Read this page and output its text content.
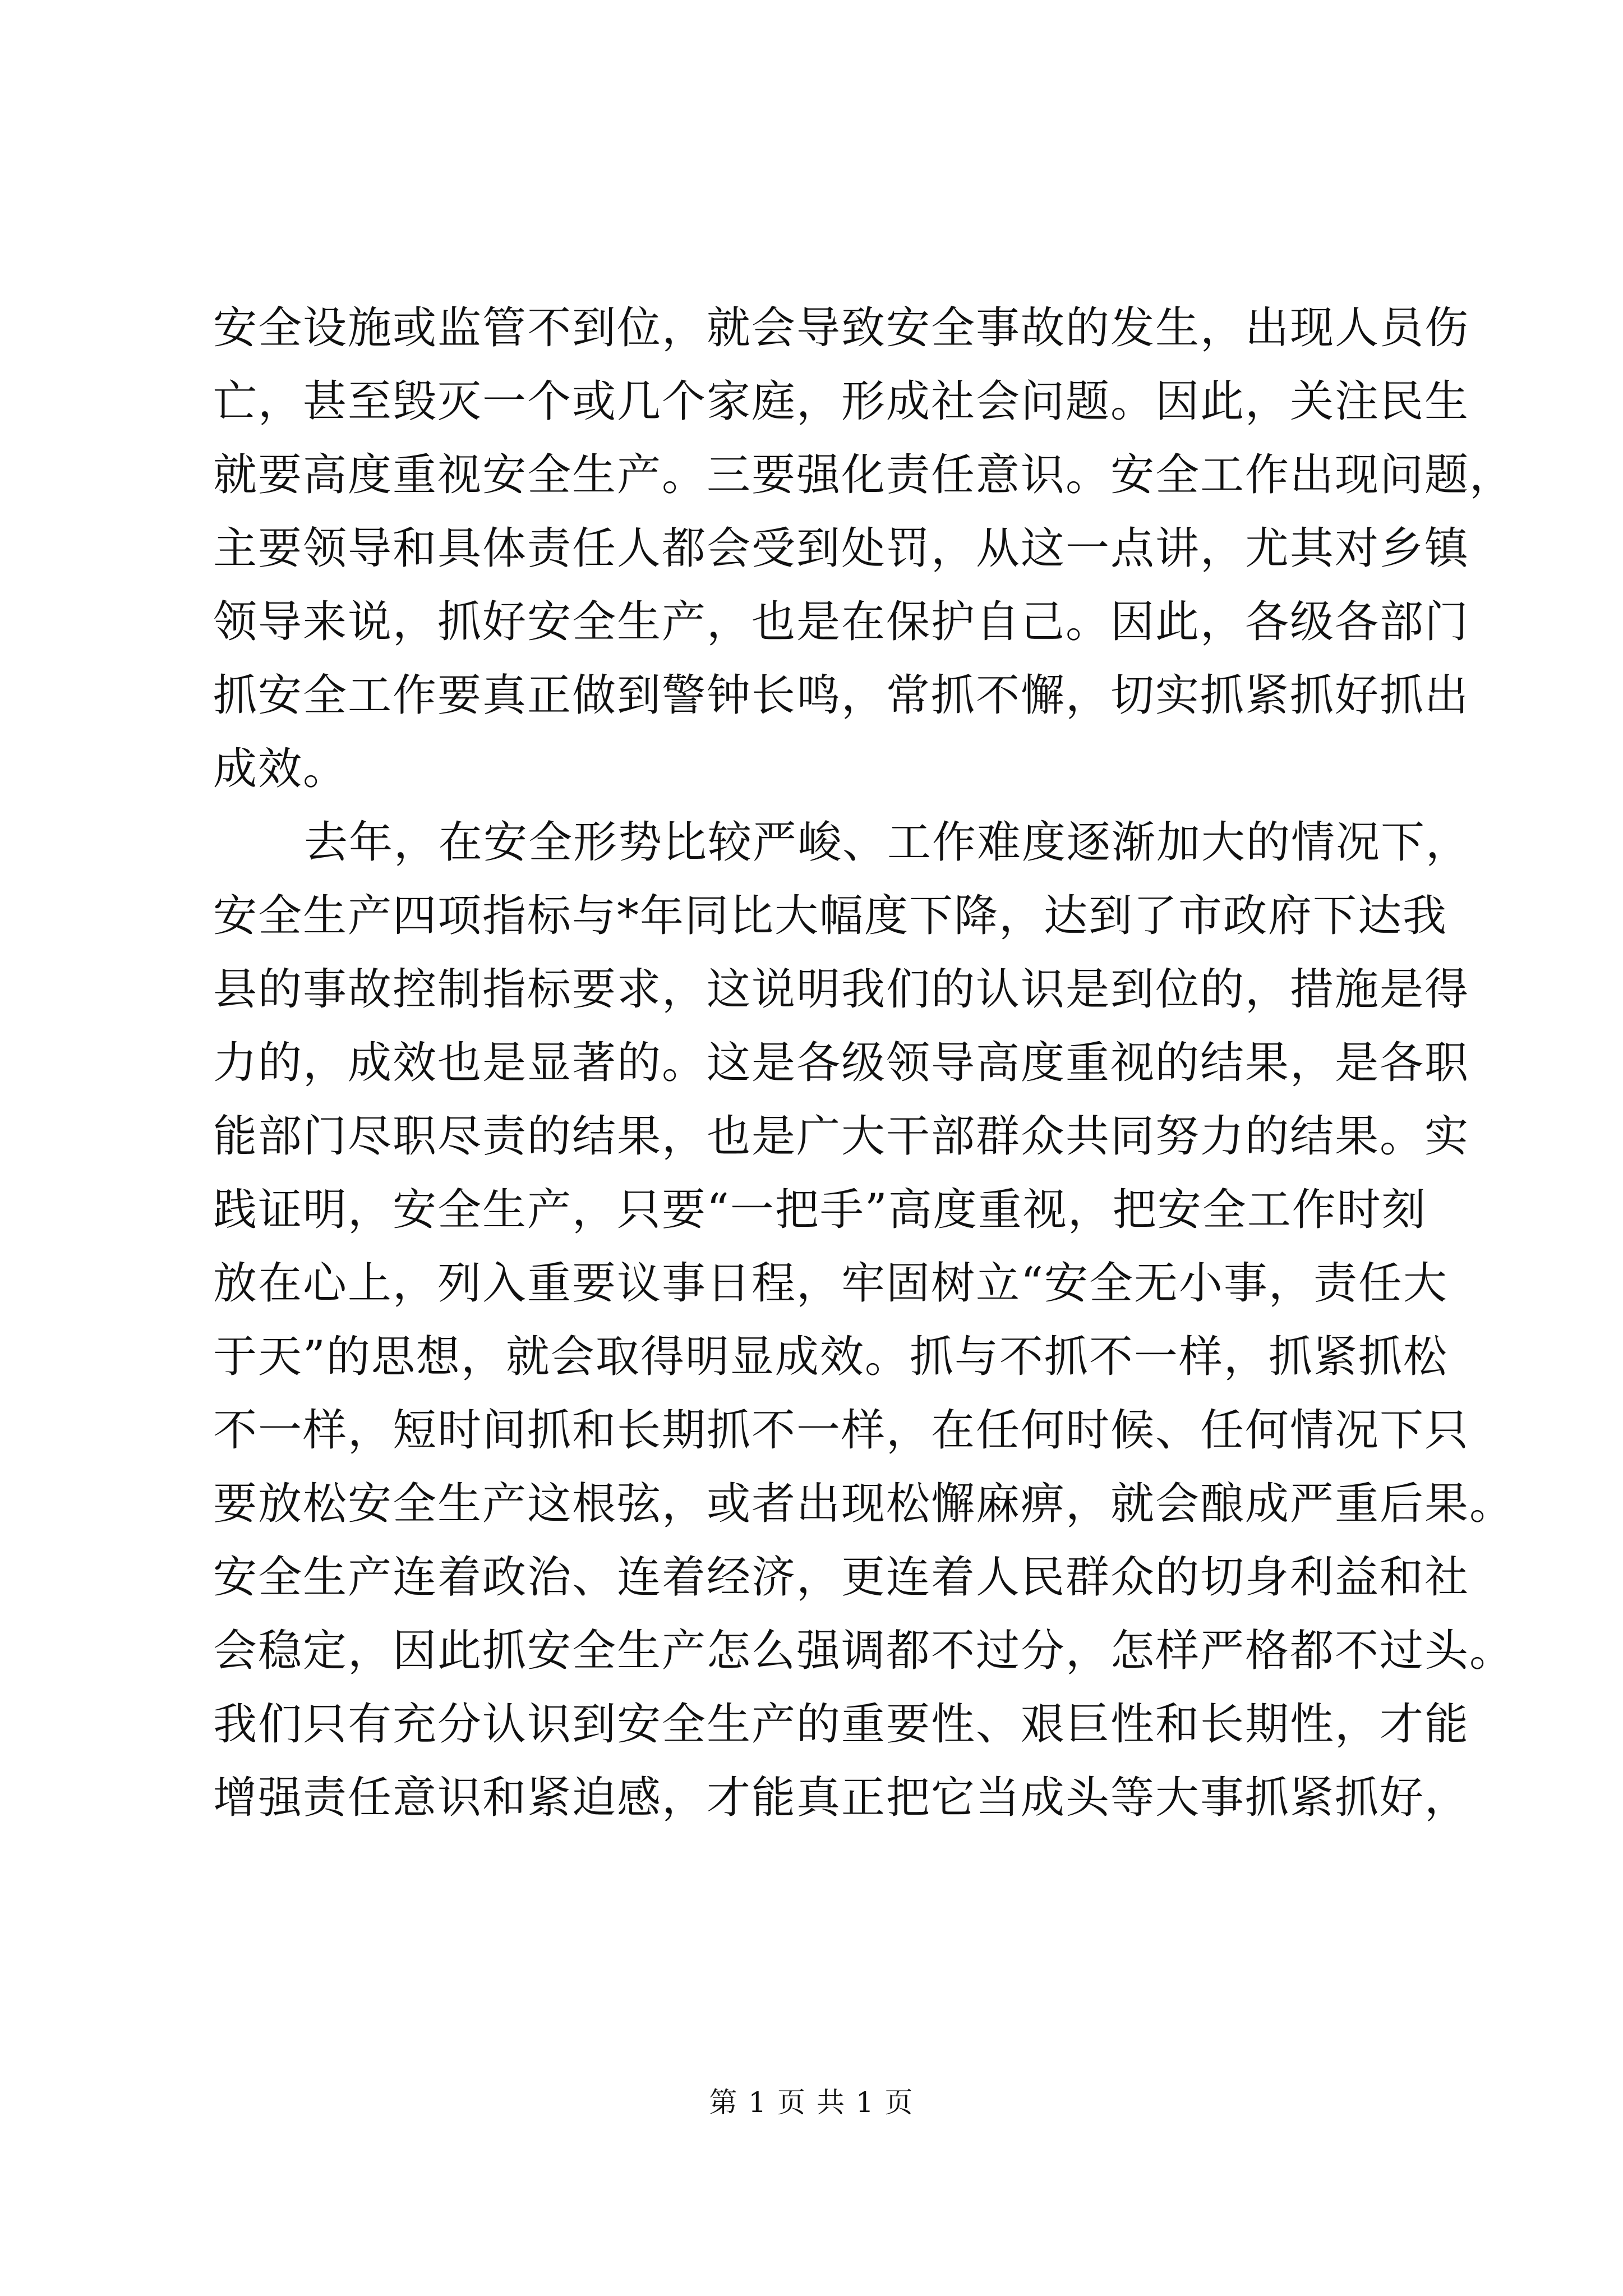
安全设施或监管不到位，就会导致安全事故的发生，出现人员伤
亡，甚至毁灭一个或几个家庭，形成社会问题。因此，关注民生
就要高度重视安全生产。三要强化责任意识。安全工作出现问题，
主要领导和具体责任人都会受到处罚，从这一点讲，尤其对乡镇
领导来说，抓好安全生产，也是在保护自己。因此，各级各部门
抓安全工作要真正做到警钟长鸣，常抓不懈，切实抓紧抓好抓出
成效。
去年，在安全形势比较严峻、工作难度逐渐加大的情况下，
安全生产四项指标与*年同比大幅度下降，达到了市政府下达我
县的事故控制指标要求，这说明我们的认识是到位的，措施是得
力的，成效也是显著的。这是各级领导高度重视的结果，是各职
能部门尽职尽责的结果，也是广大干部群众共同努力的结果。实
践证明，安全生产，只要“一把手”高度重视，把安全工作时刻
放在心上，列入重要议事日程，牢固树立“安全无小事，责任大
于天”的思想，就会取得明显成效。抓与不抓不一样，抓紧抓松
不一样，短时间抓和长期抓不一样，在任何时候、任何情况下只
要放松安全生产这根弦，或者出现松懈麻痹，就会酿成严重后果。
安全生产连着政治、连着经济，更连着人民群众的切身利益和社
会稳定，因此抓安全生产怎么强调都不过分，怎样严格都不过头。
我们只有充分认识到安全生产的重要性、艰巨性和长期性，才能
增强责任意识和紧迫感，才能真正把它当成头等大事抓紧抓好，
第 1 页 共 1 页
